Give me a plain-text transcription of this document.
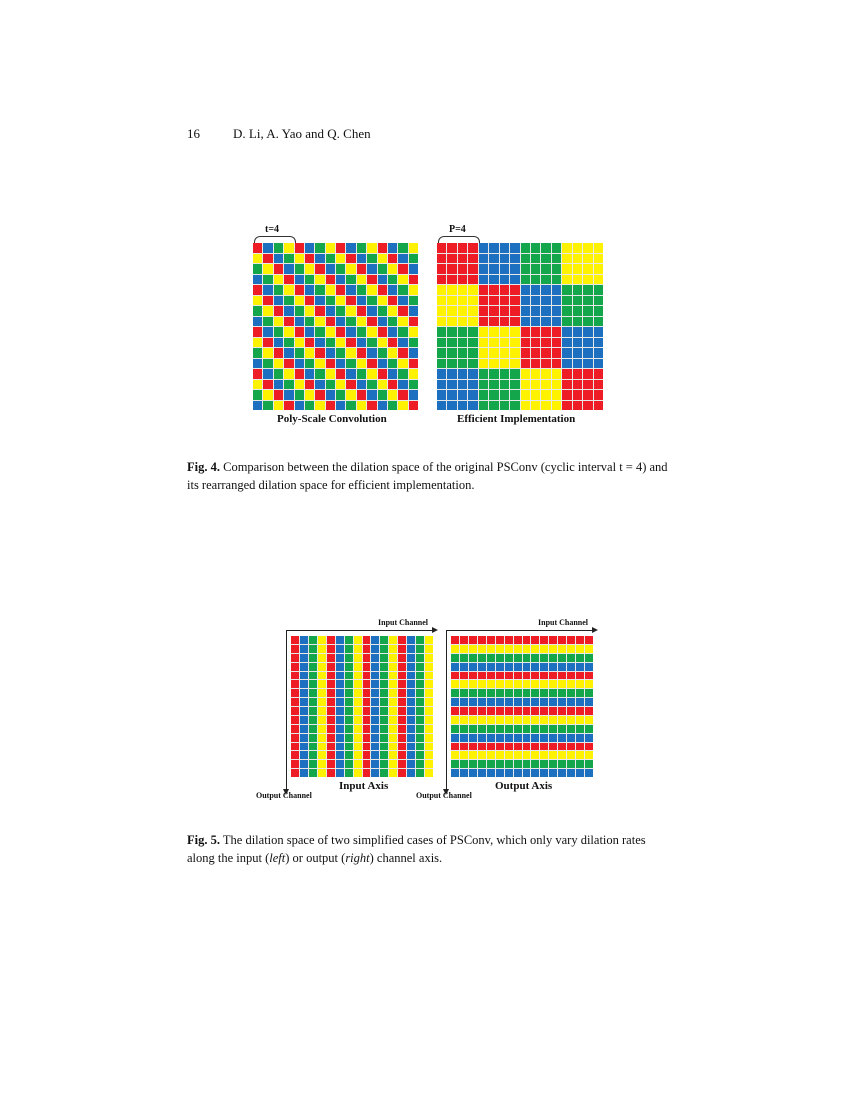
16	D. Li, A. Yao and Q. Chen
t=4
Poly-Scale Convolution
P=4
Efficient Implementation
Fig. 4. Comparison between the dilation space of the original PSConv (cyclic interval t = 4) and its rearranged dilation space for efficient implementation.
Input Channel
Input Axis
Output Channel
Input Channel
Output Axis
Output Channel
Fig. 5. The dilation space of two simplified cases of PSConv, which only vary dilation rates along the input (left) or output (right) channel axis.
